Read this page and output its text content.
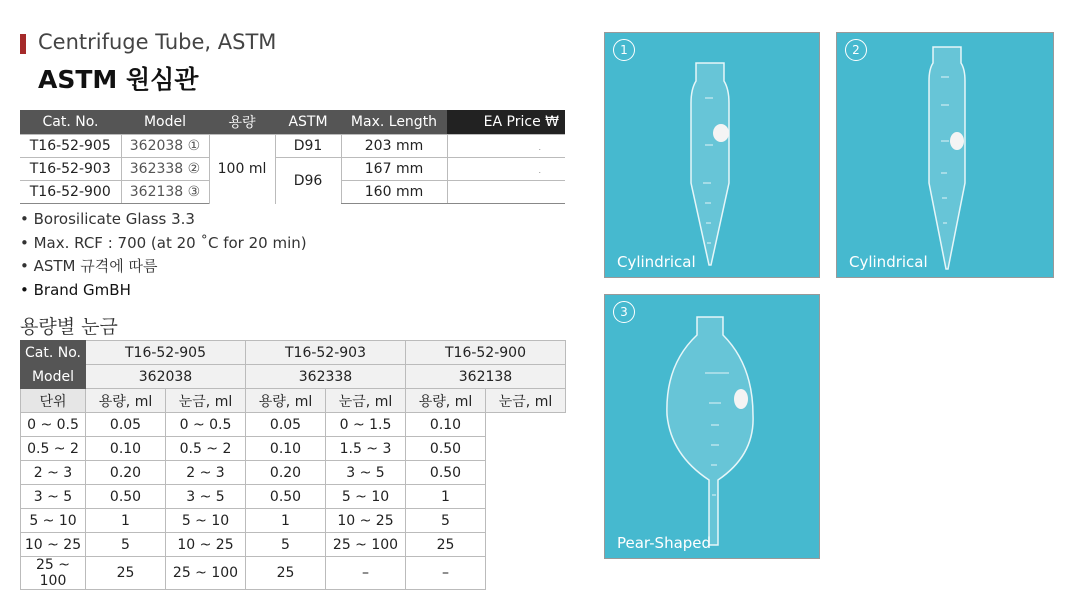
Centrifuge Tube, ASTM
ASTM 원심관
Cat. No.	Model	용량	ASTM	Max. Length	EA Price ₩
T16-52-905	362038 ①	100 ml	D91	203 mm	.
T16-52-903	362338 ②		D96	167 mm	.
T16-52-900	362138 ③			160 mm	
• Borosilicate Glass 3.3
• Max. RCF : 700 (at 20 ˚C for 20 min)
• ASTM 규격에 따름
• Brand GmBH
용량별 눈금
Cat. No.	T16-52-905		T16-52-903		T16-52-900	
Model	362038		362338		362138	
단위	용량, ml	눈금, ml	용량, ml	눈금, ml	용량, ml	눈금, ml
0 ~ 0.5	0.05	0 ~ 0.5	0.05	0 ~ 1.5	0.10	
0.5 ~ 2	0.10	0.5 ~ 2	0.10	1.5 ~ 3	0.50	
2 ~ 3	0.20	2 ~ 3	0.20	3 ~ 5	0.50	
3 ~ 5	0.50	3 ~ 5	0.50	5 ~ 10	1	
5 ~ 10	1	5 ~ 10	1	10 ~ 25	5	
10 ~ 25	5	10 ~ 25	5	25 ~ 100	25	
25 ~ 100	25	25 ~ 100	25	–	–	
1
Cylindrical
2
Cylindrical
3
Pear-Shaped
